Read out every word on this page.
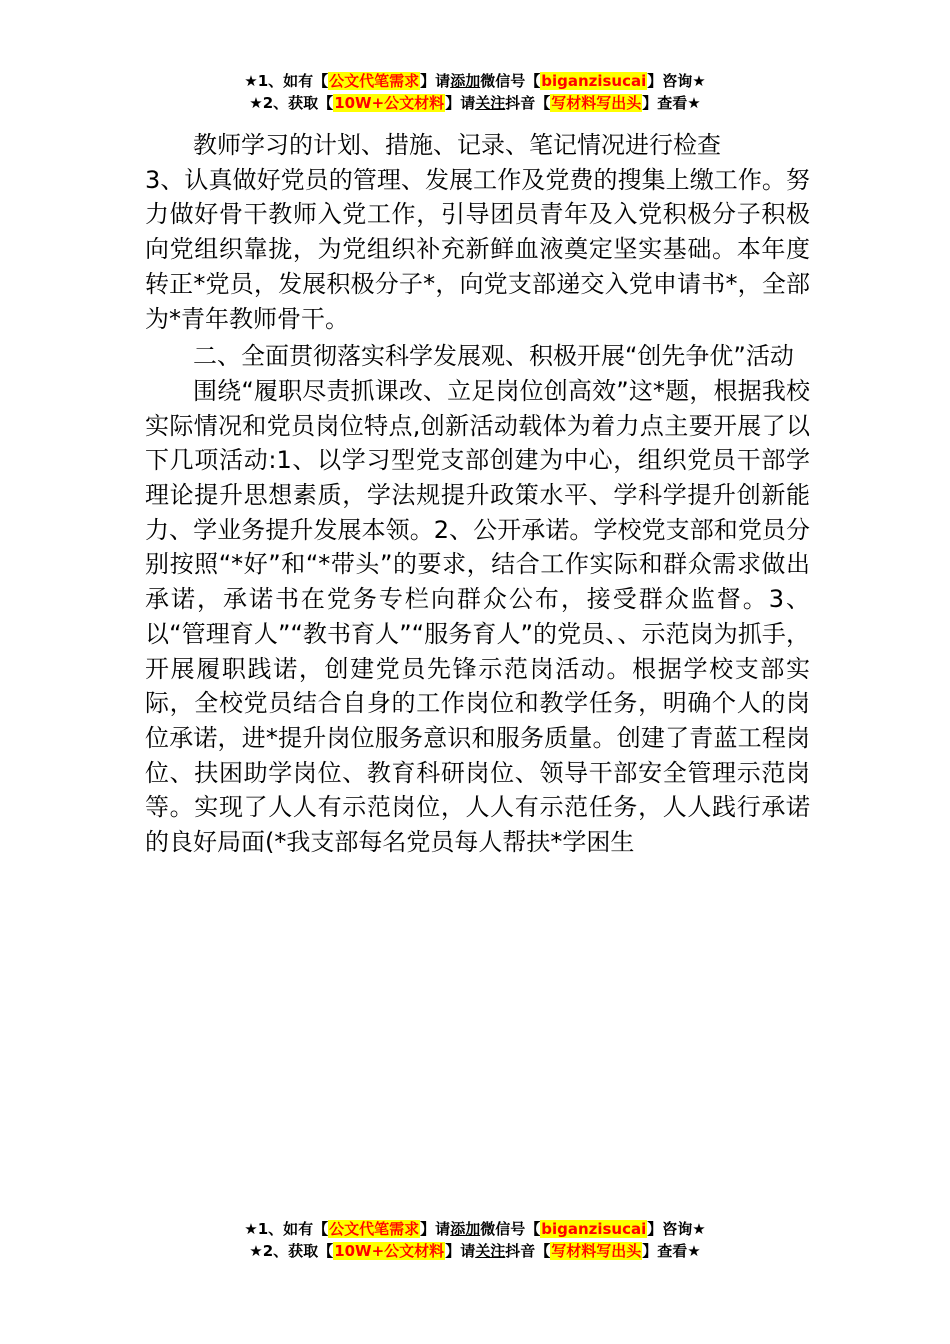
★1、如有【公文代笔需求】请添加微信号【biganzisucai】咨询★
★2、获取【10W+公文材料】请关注抖音【写材料写出头】查看★

教师学习的计划、措施、记录、笔记情况进行检查

3、认真做好党员的管理、发展工作及党费的搜集上缴工作。努力做好骨干教师入党工作，引导团员青年及入党积极分子积极向党组织靠拢，为党组织补充新鲜血液奠定坚实基础。本年度转正*党员，发展积极分子*，向党支部递交入党申请书*，全部为*青年教师骨干。

二、全面贯彻落实科学发展观、积极开展“创先争优”活动

围绕“履职尽责抓课改、立足岗位创高效”这*题，根据我校实际情况和党员岗位特点,创新活动载体为着力点主要开展了以下几项活动:1、以学习型党支部创建为中心，组织党员干部学理论提升思想素质，学法规提升政策水平、学科学提升创新能力、学业务提升发展本领。2、公开承诺。学校党支部和党员分别按照“*好”和“*带头”的要求，结合工作实际和群众需求做出承诺，承诺书在党务专栏向群众公布，接受群众监督。3、以“管理育人”“教书育人”“服务育人”的党员、、示范岗为抓手，开展履职践诺，创建党员先锋示范岗活动。根据学校支部实际，全校党员结合自身的工作岗位和教学任务，明确个人的岗位承诺，进*提升岗位服务意识和服务质量。创建了青蓝工程岗位、扶困助学岗位、教育科研岗位、领导干部安全管理示范岗等。实现了人人有示范岗位，人人有示范任务，人人践行承诺的良好局面(*我支部每名党员每人帮扶*学困生

★1、如有【公文代笔需求】请添加微信号【biganzisucai】咨询★
★2、获取【10W+公文材料】请关注抖音【写材料写出头】查看★
